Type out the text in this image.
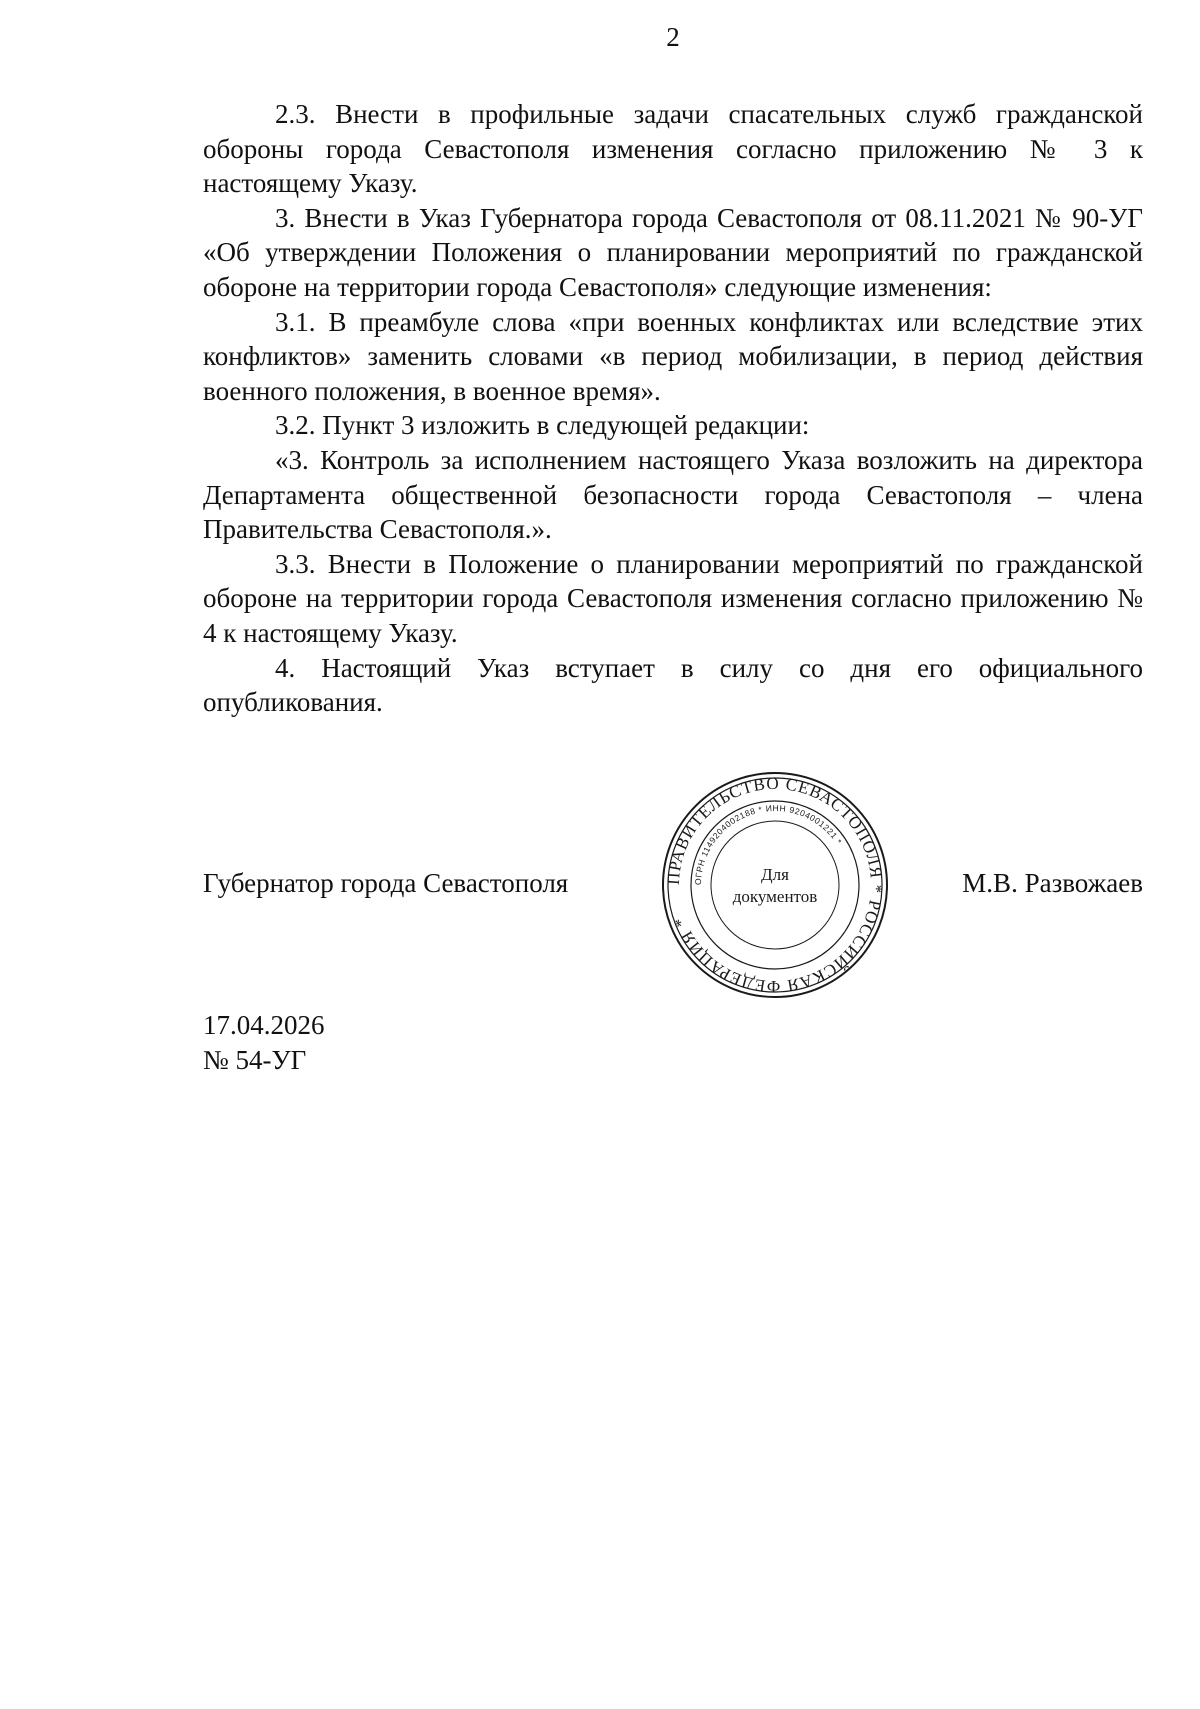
2

2.3. Внести в профильные задачи спасательных служб гражданской обороны города Севастополя изменения согласно приложению № 3 к настоящему Указу.

3. Внести в Указ Губернатора города Севастополя от 08.11.2021 № 90-УГ «Об утверждении Положения о планировании мероприятий по гражданской обороне на территории города Севастополя» следующие изменения:

3.1. В преамбуле слова «при военных конфликтах или вследствие этих конфликтов» заменить словами «в период мобилизации, в период действия военного положения, в военное время».

3.2. Пункт 3 изложить в следующей редакции:

«3. Контроль за исполнением настоящего Указа возложить на директора Департамента общественной безопасности города Севастополя – члена Правительства Севастополя.».

3.3. Внести в Положение о планировании мероприятий по гражданской обороне на территории города Севастополя изменения согласно приложению № 4 к настоящему Указу.

4. Настоящий Указ вступает в силу со дня его официального опубликования.

Губернатор города Севастополя	М.В. Развожаев
ПРАВИТЕЛЬСТВО СЕВАСТОПОЛЯ * РОССИЙСКАЯ ФЕДЕРАЦИЯ *
ОГРН 1149204002188 * ИНН 9204001221 *
Для
документов
17.04.2026
№ 54-УГ
